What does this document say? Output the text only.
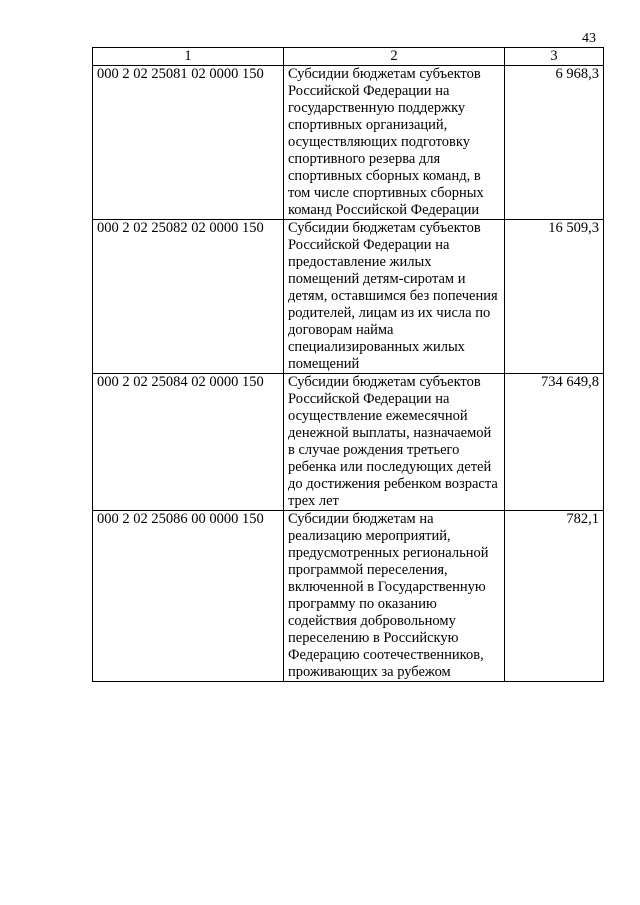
43
1	2	3
000 2 02 25081 02 0000 150	Субсидии бюджетам субъектов Российской Федерации на государственную поддержку спортивных организаций, осуществляющих подготовку спортивного резерва для спортивных сборных команд, в том числе спортивных сборных команд Российской Федерации	6 968,3
000 2 02 25082 02 0000 150	Субсидии бюджетам субъектов Российской Федерации на предоставление жилых помещений детям-сиротам и детям, оставшимся без попечения родителей, лицам из их числа по договорам найма специализированных жилых помещений	16 509,3
000 2 02 25084 02 0000 150	Субсидии бюджетам субъектов Российской Федерации на осуществление ежемесячной денежной выплаты, назначаемой в случае рождения третьего ребенка или последующих детей до достижения ребенком возраста трех лет	734 649,8
000 2 02 25086 00 0000 150	Субсидии бюджетам на реализацию мероприятий, предусмотренных региональной программой переселения, включенной в Государственную программу по оказанию содействия добровольному переселению в Российскую Федерацию соотечественников, проживающих за рубежом	782,1
